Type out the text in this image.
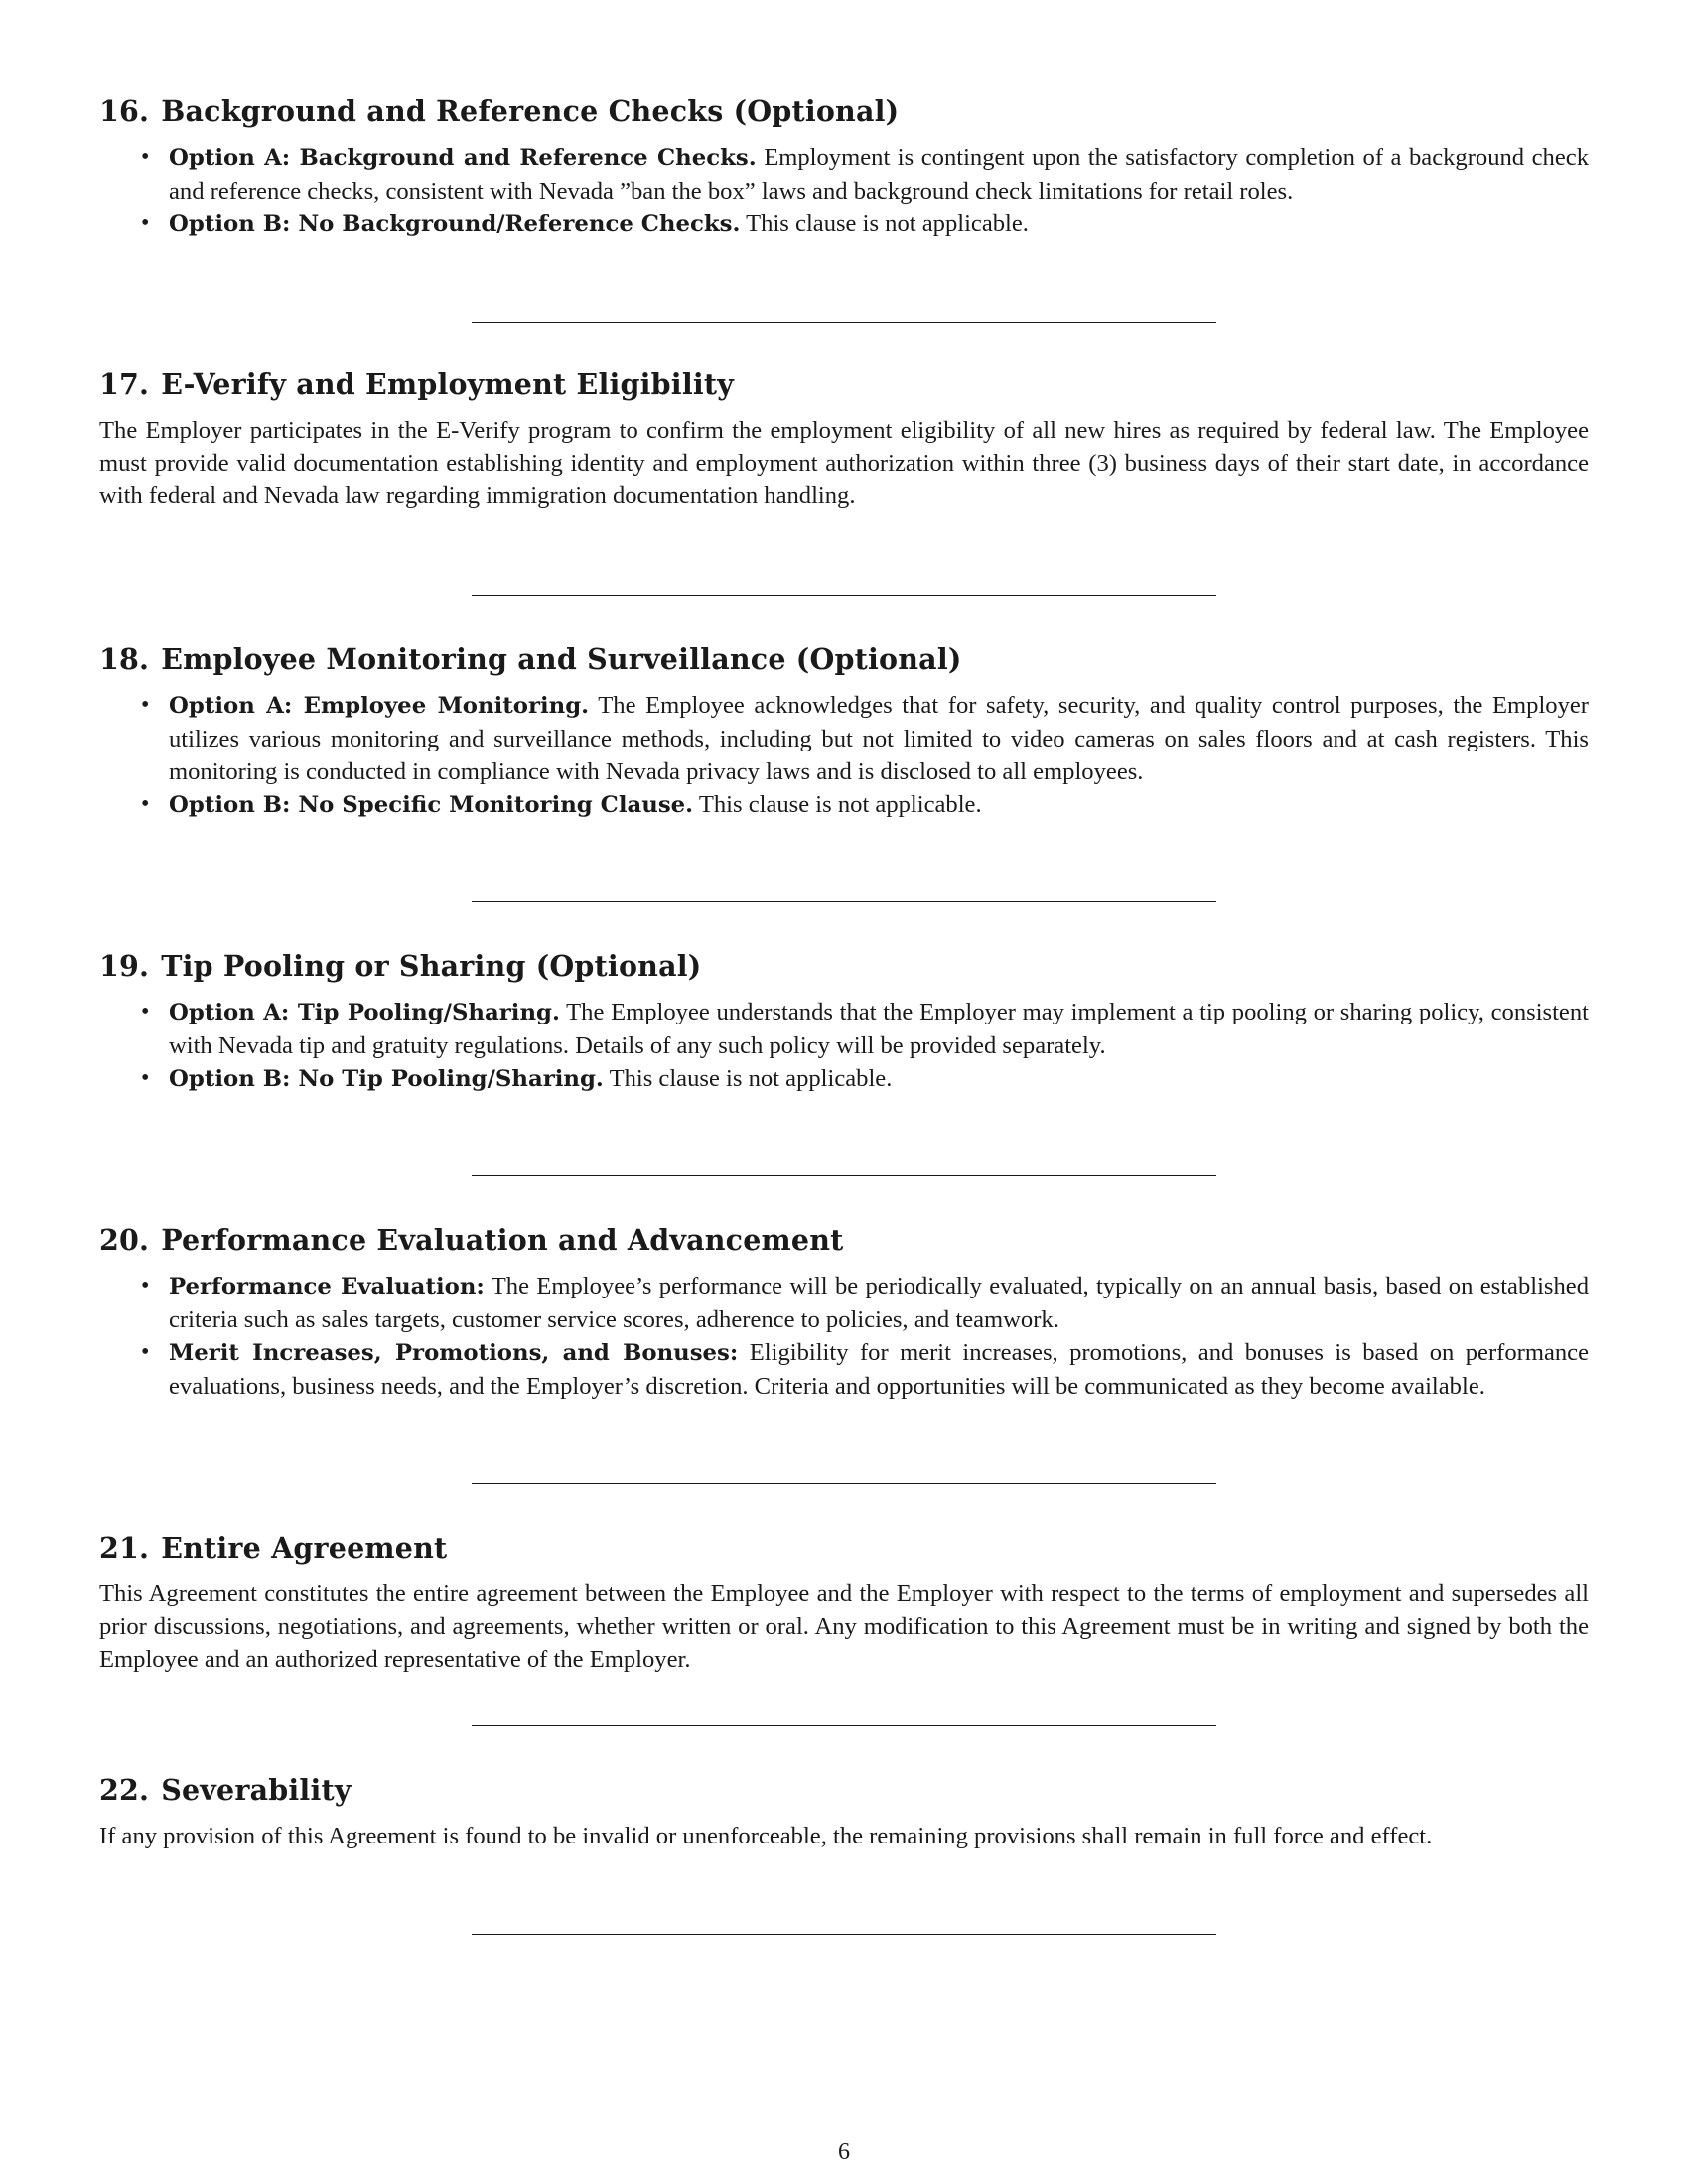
16. Background and Reference Checks (Optional)
• Option A: Background and Reference Checks. Employment is contingent upon the satisfactory completion of a background check and reference checks, consistent with Nevada ”ban the box” laws and background check limitations for retail roles.
• Option B: No Background/Reference Checks. This clause is not applicable.
17. E-Verify and Employment Eligibility

The Employer participates in the E-Verify program to confirm the employment eligibility of all new hires as required by federal law. The Employee must provide valid documentation establishing identity and employment authorization within three (3) business days of their start date, in accordance with federal and Nevada law regarding immigration documentation handling.

18. Employee Monitoring and Surveillance (Optional)
• Option A: Employee Monitoring. The Employee acknowledges that for safety, security, and quality control purposes, the Employer utilizes various monitoring and surveillance methods, including but not limited to video cameras on sales floors and at cash registers. This monitoring is conducted in compliance with Nevada privacy laws and is disclosed to all employees.
• Option B: No Specific Monitoring Clause. This clause is not applicable.
19. Tip Pooling or Sharing (Optional)
• Option A: Tip Pooling/Sharing. The Employee understands that the Employer may implement a tip pooling or sharing policy, consistent with Nevada tip and gratuity regulations. Details of any such policy will be provided separately.
• Option B: No Tip Pooling/Sharing. This clause is not applicable.
20. Performance Evaluation and Advancement
• Performance Evaluation: The Employee’s performance will be periodically evaluated, typically on an annual basis, based on established criteria such as sales targets, customer service scores, adherence to policies, and teamwork.
• Merit Increases, Promotions, and Bonuses: Eligibility for merit increases, promotions, and bonuses is based on performance evaluations, business needs, and the Employer’s discretion. Criteria and opportunities will be communicated as they become available.
21. Entire Agreement

This Agreement constitutes the entire agreement between the Employee and the Employer with respect to the terms of employment and supersedes all prior discussions, negotiations, and agreements, whether written or oral. Any modification to this Agreement must be in writing and signed by both the Employee and an authorized representative of the Employer.

22. Severability

If any provision of this Agreement is found to be invalid or unenforceable, the remaining provisions shall remain in full force and effect.

6
